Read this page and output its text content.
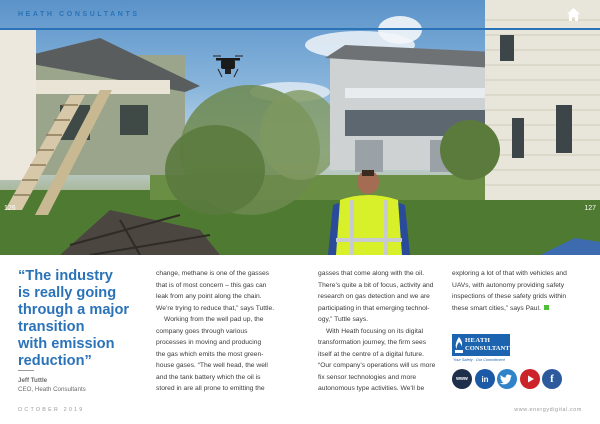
HEATH CONSULTANTS
126	127
“The industry
is really going
through a major
transition
with emission
reduction”
Jeff Tuttle
CEO, Heath Consultants

change, methane is one of the gasses

that is of most concern – this gas can

leak from any point along the chain.

We’re trying to reduce that,” says Tuttle.

Working from the well pad up, the

company goes through various

processes in moving and producing

the gas which emits the most green-

house gases. “The well head, the well

and the tank battery which the oil is

stored in are all prone to emitting the

gasses that come along with the oil.

There’s quite a bit of focus, activity and

research on gas detection and we are

participating in that emerging technol-

ogy,” Tuttle says.

With Heath focusing on its digital

transformation journey, the firm sees

itself at the centre of a digital future.

“Our company’s operations will us more

fix sensor technologies and more

autonomous type activities. We’ll be

exploring a lot of that with vehicles and

UAVs, with autonomy providing safety

inspections of these safety grids within

these smart cities,” says Paul.

HEATH
CONSULTANTS
Your Safety . Our Commitment
www	in	f
OCTOBER 2019	www.energydigital.com
